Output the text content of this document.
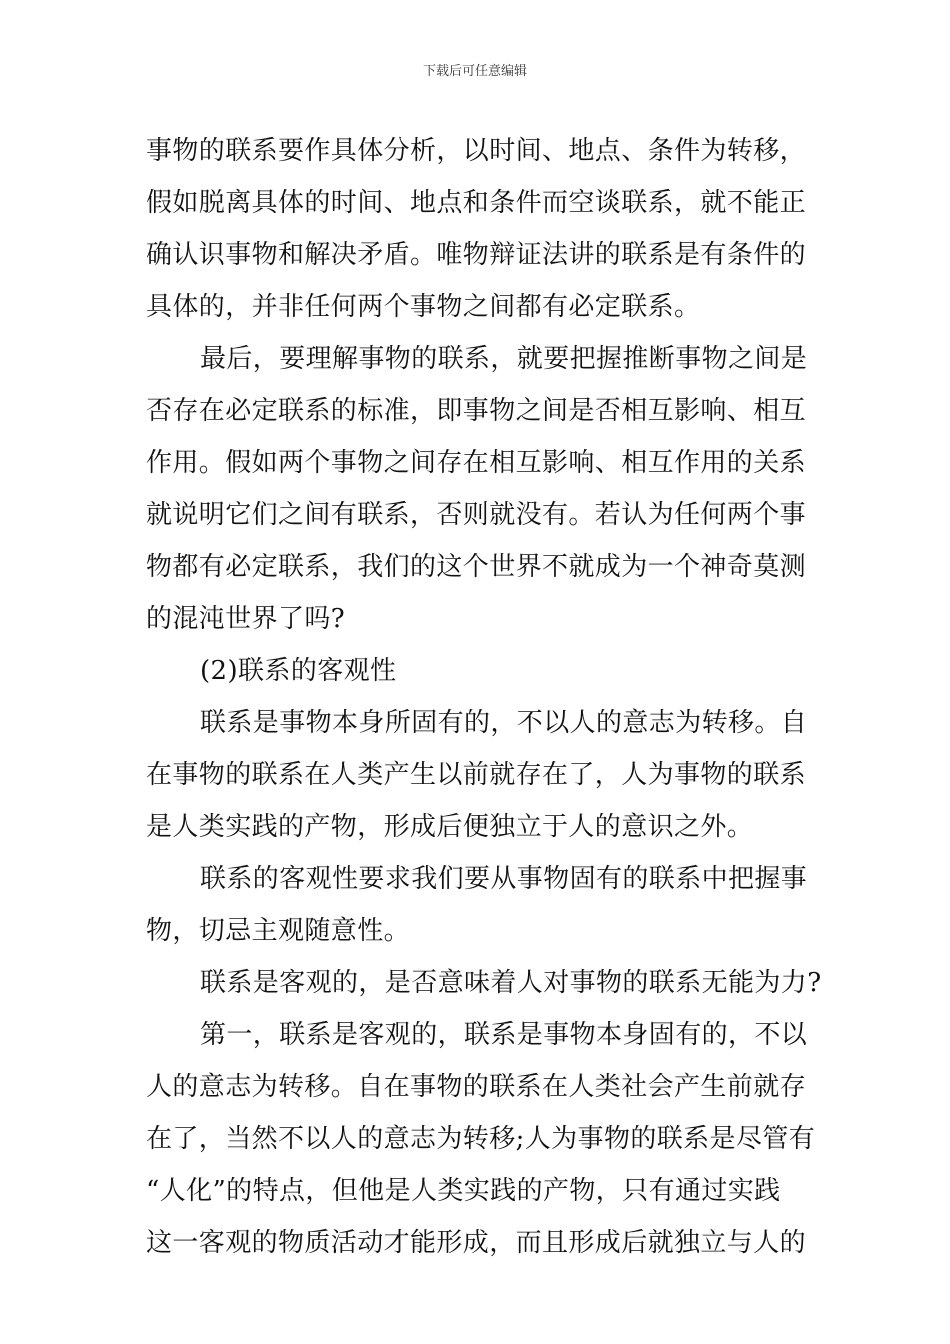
下载后可任意编辑
事物的联系要作具体分析，以时间、地点、条件为转移，
假如脱离具体的时间、地点和条件而空谈联系，就不能正
确认识事物和解决矛盾。唯物辩证法讲的联系是有条件的
具体的，并非任何两个事物之间都有必定联系。
最后，要理解事物的联系，就要把握推断事物之间是
否存在必定联系的标准，即事物之间是否相互影响、相互
作用。假如两个事物之间存在相互影响、相互作用的关系
就说明它们之间有联系，否则就没有。若认为任何两个事
物都有必定联系，我们的这个世界不就成为一个神奇莫测
的混沌世界了吗?
(2)联系的客观性
联系是事物本身所固有的，不以人的意志为转移。自
在事物的联系在人类产生以前就存在了，人为事物的联系
是人类实践的产物，形成后便独立于人的意识之外。
联系的客观性要求我们要从事物固有的联系中把握事
物，切忌主观随意性。
联系是客观的，是否意味着人对事物的联系无能为力?
第一，联系是客观的，联系是事物本身固有的，不以
人的意志为转移。自在事物的联系在人类社会产生前就存
在了，当然不以人的意志为转移;人为事物的联系是尽管有
“人化”的特点，但他是人类实践的产物，只有通过实践
这一客观的物质活动才能形成，而且形成后就独立与人的
